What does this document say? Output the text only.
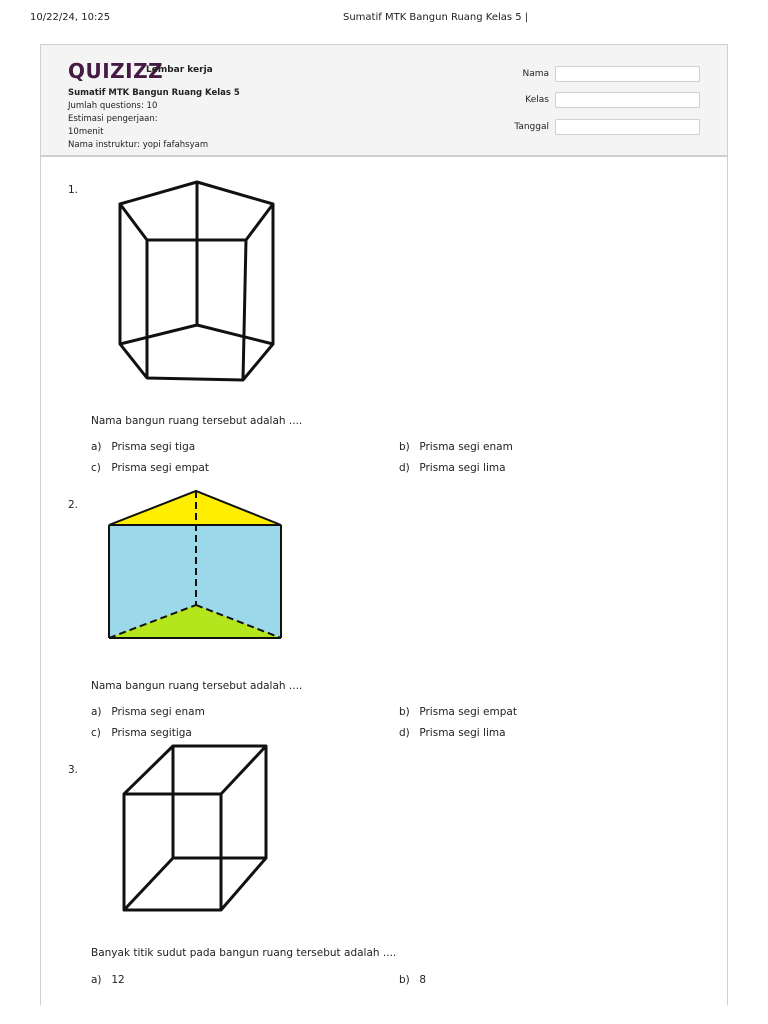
10/22/24, 10:25	Sumatif MTK Bangun Ruang Kelas 5 |
QUIZIZZ
Lembar kerja
Sumatif MTK Bangun Ruang Kelas 5
Jumlah questions: 10
Estimasi pengerjaan:
10menit
Nama instruktur: yopi fafahsyam
Nama
Kelas
Tanggal
1.
Nama bangun ruang tersebut adalah ....
a) Prisma segi tiga	b) Prisma segi enam
c) Prisma segi empat	d) Prisma segi lima
2.
Nama bangun ruang tersebut adalah ....
a) Prisma segi enam	b) Prisma segi empat
c) Prisma segitiga	d) Prisma segi lima
3.
Banyak titik sudut pada bangun ruang tersebut adalah ....
a) 12	b) 8
